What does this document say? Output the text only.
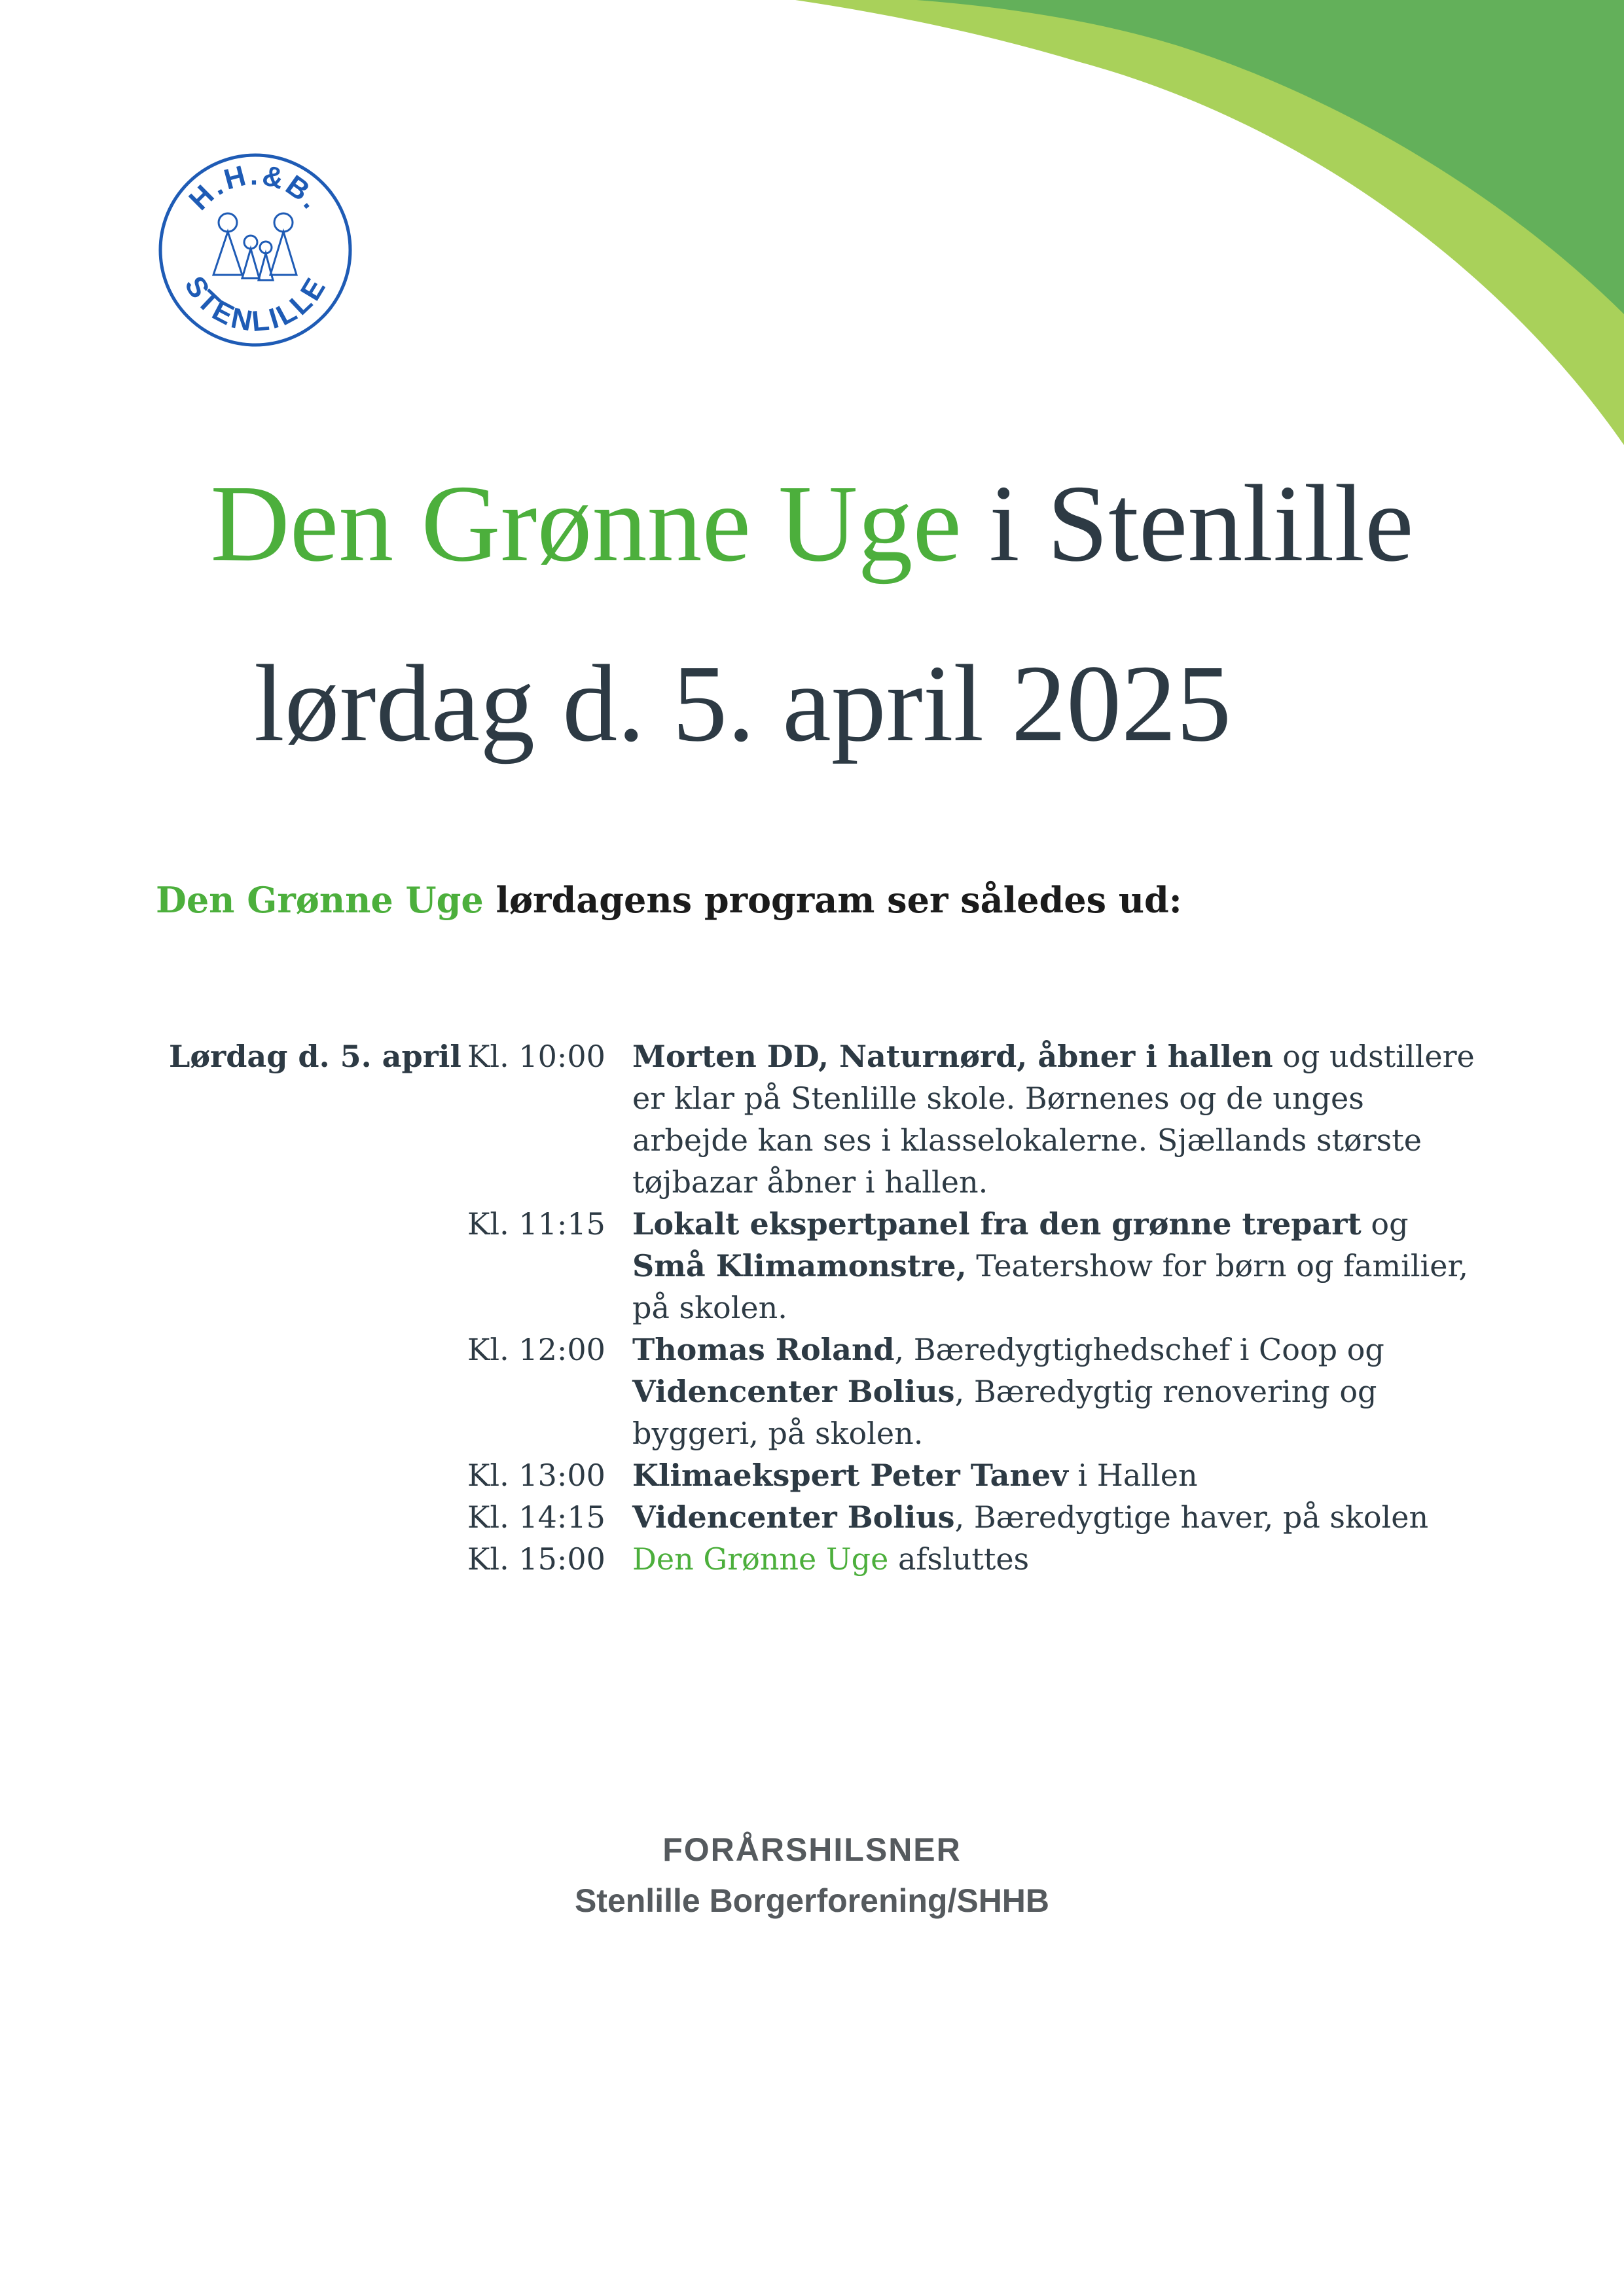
H.H.&B.
STENLILLE
Den Grønne Uge i Stenlille
lørdag d. 5. april 2025
Den Grønne Uge lørdagens program ser således ud:
Lørdag d. 5. april Kl. 10:00 Morten DD, Naturnørd, åbner i hallen og udstillere er klar på Stenlille skole. Børnenes og de unges arbejde kan ses i klasselokalerne. Sjællands største tøjbazar åbner i hallen.
Kl. 11:15 Lokalt ekspertpanel fra den grønne trepart og Små Klimamonstre, Teatershow for børn og familier, på skolen.
Kl. 12:00 Thomas Roland, Bæredygtighedschef i Coop og Videncenter Bolius, Bæredygtig renovering og byggeri, på skolen.
Kl. 13:00 Klimaekspert Peter Tanev i Hallen
Kl. 14:15 Videncenter Bolius, Bæredygtige haver, på skolen
Kl. 15:00 Den Grønne Uge afsluttes
FORÅRSHILSNER
Stenlille Borgerforening/SHHB
